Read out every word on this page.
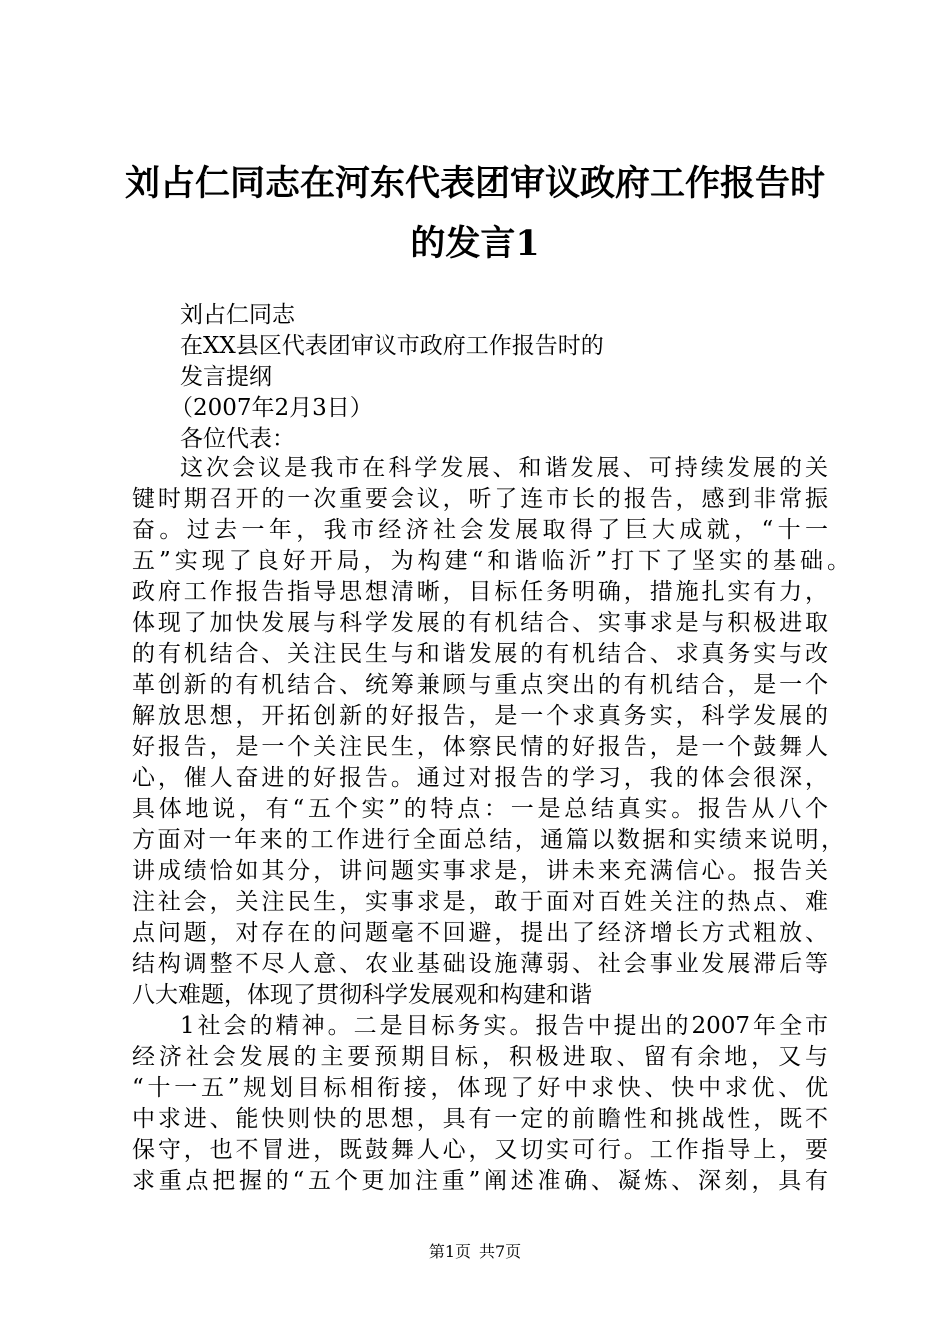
刘占仁同志在河东代表团审议政府工作报告时
的发言1
刘占仁同志
在XX县区代表团审议市政府工作报告时的
发言提纲
（2007年2月3日）
各位代表：
这次会议是我市在科学发展、和谐发展、可持续发展的关
键时期召开的一次重要会议，听了连市长的报告，感到非常振
奋。过去一年，我市经济社会发展取得了巨大成就，“十一
五”实现了良好开局，为构建“和谐临沂”打下了坚实的基础。
政府工作报告指导思想清晰，目标任务明确，措施扎实有力，
体现了加快发展与科学发展的有机结合、实事求是与积极进取
的有机结合、关注民生与和谐发展的有机结合、求真务实与改
革创新的有机结合、统筹兼顾与重点突出的有机结合，是一个
解放思想，开拓创新的好报告，是一个求真务实，科学发展的
好报告，是一个关注民生，体察民情的好报告，是一个鼓舞人
心，催人奋进的好报告。通过对报告的学习，我的体会很深，
具体地说，有“五个实”的特点：一是总结真实。报告从八个
方面对一年来的工作进行全面总结，通篇以数据和实绩来说明，
讲成绩恰如其分，讲问题实事求是，讲未来充满信心。报告关
注社会，关注民生，实事求是，敢于面对百姓关注的热点、难
点问题，对存在的问题毫不回避，提出了经济增长方式粗放、
结构调整不尽人意、农业基础设施薄弱、社会事业发展滞后等
八大难题，体现了贯彻科学发展观和构建和谐
1社会的精神。二是目标务实。报告中提出的2007年全市
经济社会发展的主要预期目标，积极进取、留有余地，又与
“十一五”规划目标相衔接，体现了好中求快、快中求优、优
中求进、能快则快的思想，具有一定的前瞻性和挑战性，既不
保守，也不冒进，既鼓舞人心，又切实可行。工作指导上，要
求重点把握的“五个更加注重”阐述准确、凝炼、深刻，具有
第1页 共7页
